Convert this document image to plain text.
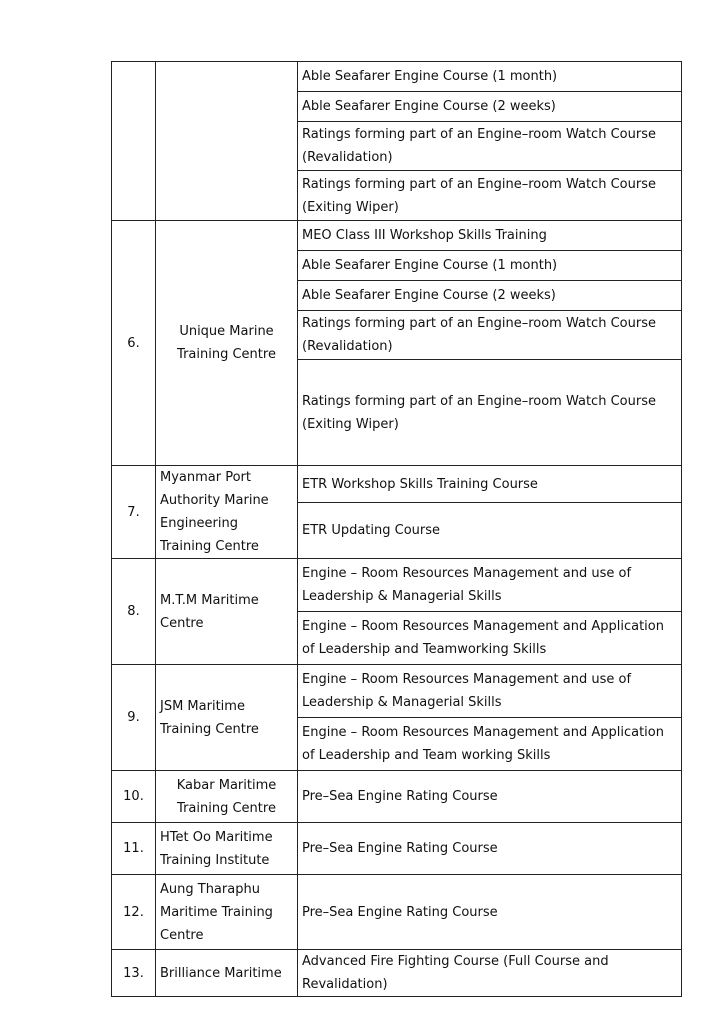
		Able Seafarer Engine Course (1 month)
		Able Seafarer Engine Course (2 weeks)
		Ratings forming part of an Engine–room Watch Course (Revalidation)
		Ratings forming part of an Engine–room Watch Course (Exiting Wiper)
6.	Unique Marine Training Centre	MEO Class III Workshop Skills Training
		Able Seafarer Engine Course (1 month)
		Able Seafarer Engine Course (2 weeks)
		Ratings forming part of an Engine–room Watch Course (Revalidation)
		Ratings forming part of an Engine–room Watch Course (Exiting Wiper)
7.	Myanmar Port Authority Marine Engineering Training Centre	ETR Workshop Skills Training Course
		ETR Updating Course
8.	M.T.M Maritime Centre	Engine – Room Resources Management and use of Leadership & Managerial Skills
		Engine – Room Resources Management and Application of Leadership and Teamworking Skills
9.	JSM Maritime Training Centre	Engine – Room Resources Management and use of Leadership & Managerial Skills
		Engine – Room Resources Management and Application of Leadership and Team working Skills
10.	Kabar Maritime Training Centre	Pre–Sea Engine Rating Course
11.	HTet Oo Maritime Training Institute	Pre–Sea Engine Rating Course
12.	Aung Tharaphu Maritime Training Centre	Pre–Sea Engine Rating Course
13.	Brilliance Maritime	Advanced Fire Fighting Course (Full Course and Revalidation)
